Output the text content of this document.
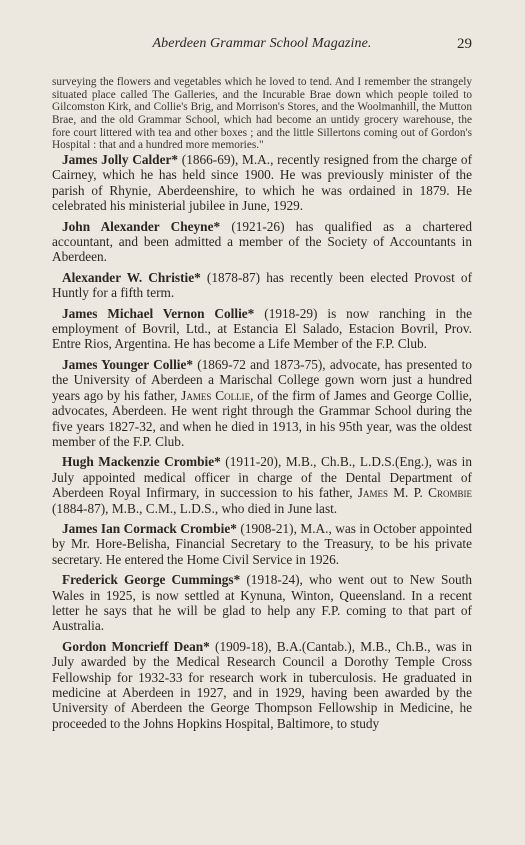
Aberdeen Grammar School Magazine.	29

surveying the flowers and vegetables which he loved to tend. And I remember the strangely situated place called The Galleries, and the Incurable Brae down which people toiled to Gilcomston Kirk, and Collie's Brig, and Morrison's Stores, and the Woolmanhill, the Mutton Brae, and the old Grammar School, which had become an untidy grocery warehouse, the fore court littered with tea and other boxes ; and the little Sillertons coming out of Gordon's Hospital : that and a hundred more memories."

James Jolly Calder* (1866-69), M.A., recently resigned from the charge of Cairney, which he has held since 1900. He was previously minister of the parish of Rhynie, Aberdeenshire, to which he was ordained in 1879. He celebrated his ministerial jubilee in June, 1929.

John Alexander Cheyne* (1921-26) has qualified as a chartered accountant, and been admitted a member of the Society of Accountants in Aberdeen.

Alexander W. Christie* (1878-87) has recently been elected Provost of Huntly for a fifth term.

James Michael Vernon Collie* (1918-29) is now ranching in the employment of Bovril, Ltd., at Estancia El Salado, Estacion Bovril, Prov. Entre Rios, Argentina. He has become a Life Member of the F.P. Club.

James Younger Collie* (1869-72 and 1873-75), advocate, has presented to the University of Aberdeen a Marischal College gown worn just a hundred years ago by his father, James Collie, of the firm of James and George Collie, advocates, Aberdeen. He went right through the Grammar School during the five years 1827-32, and when he died in 1913, in his 95th year, was the oldest member of the F.P. Club.

Hugh Mackenzie Crombie* (1911-20), M.B., Ch.B., L.D.S.(Eng.), was in July appointed medical officer in charge of the Dental Department of Aberdeen Royal Infirmary, in succession to his father, James M. P. Crombie (1884-87), M.B., C.M., L.D.S., who died in June last.

James Ian Cormack Crombie* (1908-21), M.A., was in October appointed by Mr. Hore-Belisha, Financial Secretary to the Treasury, to be his private secretary. He entered the Home Civil Service in 1926.

Frederick George Cummings* (1918-24), who went out to New South Wales in 1925, is now settled at Kynuna, Winton, Queensland. In a recent letter he says that he will be glad to help any F.P. coming to that part of Australia.

Gordon Moncrieff Dean* (1909-18), B.A.(Cantab.), M.B., Ch.B., was in July awarded by the Medical Research Council a Dorothy Temple Cross Fellowship for 1932-33 for research work in tuberculosis. He graduated in medicine at Aberdeen in 1927, and in 1929, having been awarded by the University of Aberdeen the George Thompson Fellowship in Medicine, he proceeded to the Johns Hopkins Hospital, Baltimore, to study
